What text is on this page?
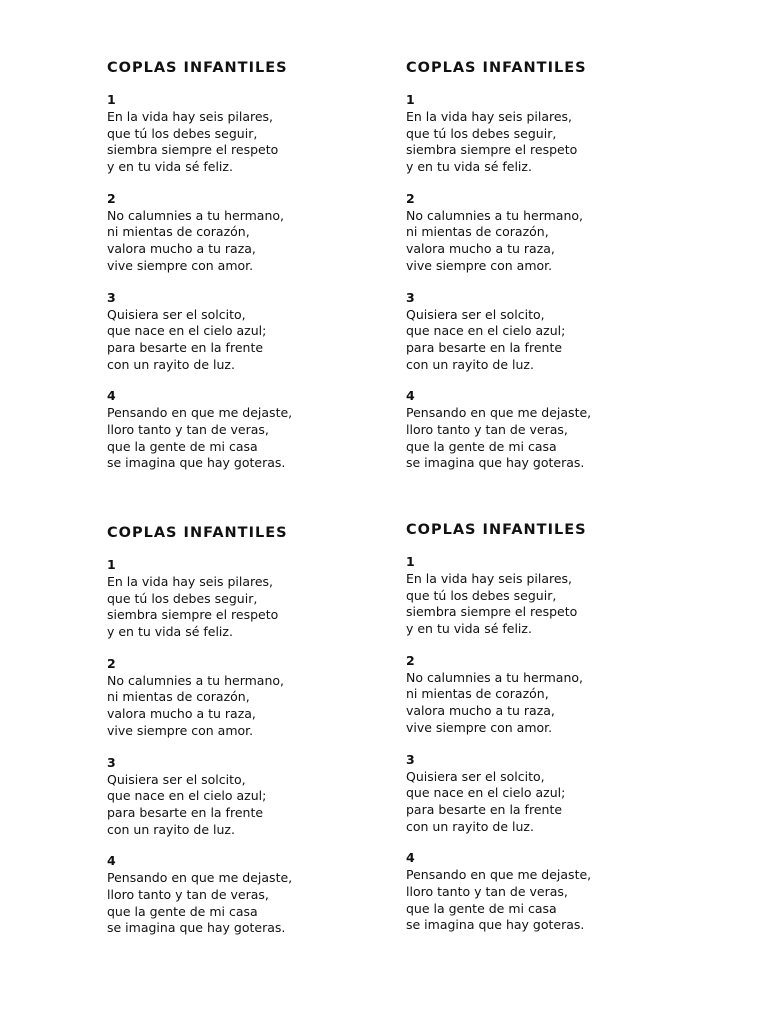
COPLAS INFANTILES
1
En la vida hay seis pilares,
que tú los debes seguir,
siembra siempre el respeto
y en tu vida sé feliz.
2
No calumnies a tu hermano,
ni mientas de corazón,
valora mucho a tu raza,
vive siempre con amor.
3
Quisiera ser el solcito,
que nace en el cielo azul;
para besarte en la frente
con un rayito de luz.
4
Pensando en que me dejaste,
lloro tanto y tan de veras,
que la gente de mi casa
se imagina que hay goteras.
COPLAS INFANTILES
1
En la vida hay seis pilares,
que tú los debes seguir,
siembra siempre el respeto
y en tu vida sé feliz.
2
No calumnies a tu hermano,
ni mientas de corazón,
valora mucho a tu raza,
vive siempre con amor.
3
Quisiera ser el solcito,
que nace en el cielo azul;
para besarte en la frente
con un rayito de luz.
4
Pensando en que me dejaste,
lloro tanto y tan de veras,
que la gente de mi casa
se imagina que hay goteras.
COPLAS INFANTILES
1
En la vida hay seis pilares,
que tú los debes seguir,
siembra siempre el respeto
y en tu vida sé feliz.
2
No calumnies a tu hermano,
ni mientas de corazón,
valora mucho a tu raza,
vive siempre con amor.
3
Quisiera ser el solcito,
que nace en el cielo azul;
para besarte en la frente
con un rayito de luz.
4
Pensando en que me dejaste,
lloro tanto y tan de veras,
que la gente de mi casa
se imagina que hay goteras.
COPLAS INFANTILES
1
En la vida hay seis pilares,
que tú los debes seguir,
siembra siempre el respeto
y en tu vida sé feliz.
2
No calumnies a tu hermano,
ni mientas de corazón,
valora mucho a tu raza,
vive siempre con amor.
3
Quisiera ser el solcito,
que nace en el cielo azul;
para besarte en la frente
con un rayito de luz.
4
Pensando en que me dejaste,
lloro tanto y tan de veras,
que la gente de mi casa
se imagina que hay goteras.
